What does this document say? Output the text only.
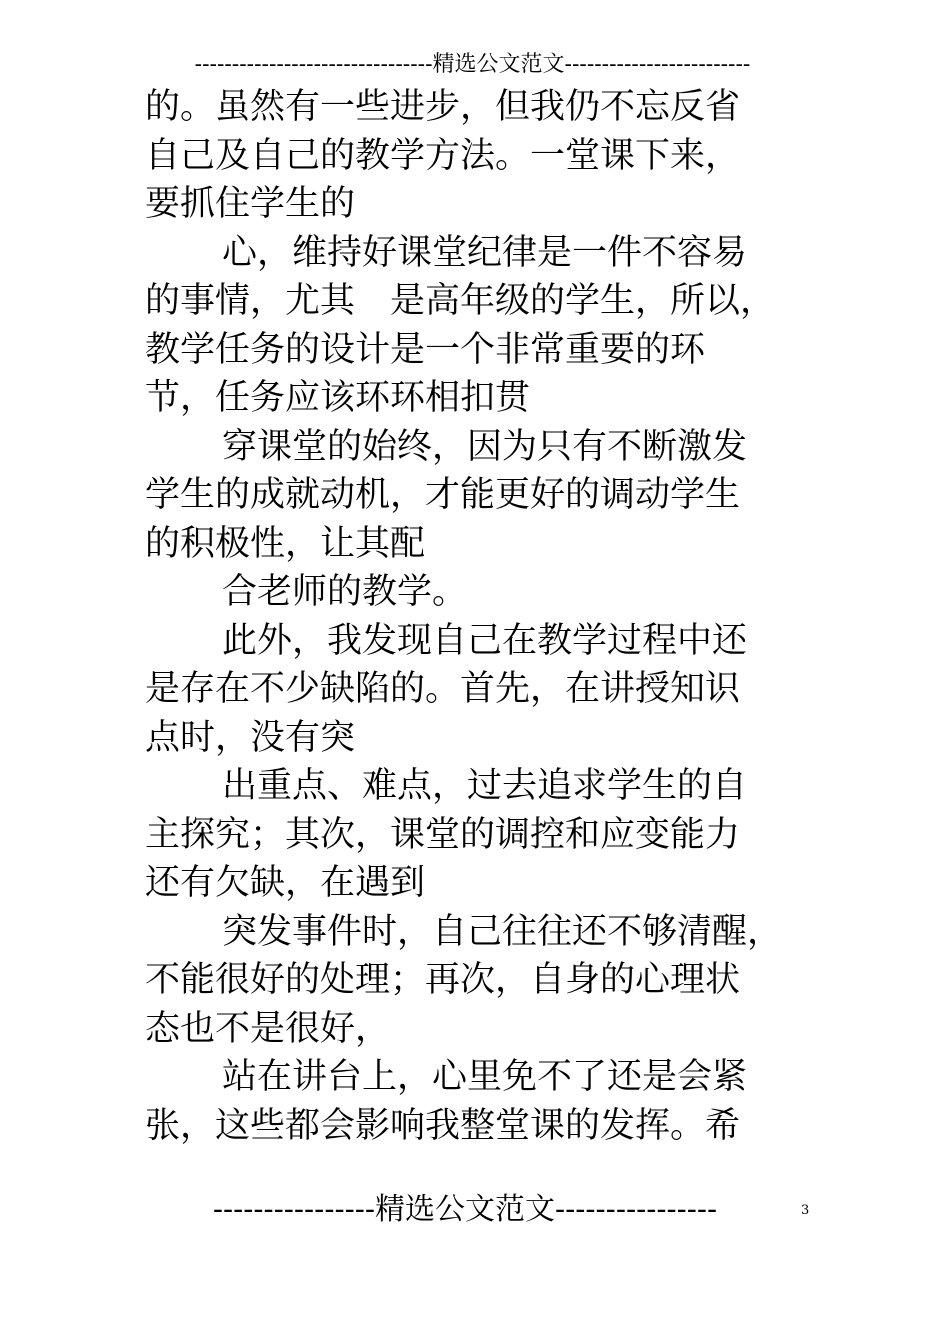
--------------------------------精选公文范文-------------------------
的。虽然有一些进步，但我仍不忘反省
自己及自己的教学方法。一堂课下来，
要抓住学生的
心，维持好课堂纪律是一件不容易
的事情，尤其　是高年级的学生，所以，
教学任务的设计是一个非常重要的环
节，任务应该环环相扣贯
穿课堂的始终，因为只有不断激发
学生的成就动机，才能更好的调动学生
的积极性，让其配
合老师的教学。
此外，我发现自己在教学过程中还
是存在不少缺陷的。首先，在讲授知识
点时，没有突
出重点、难点，过去追求学生的自
主探究；其次，课堂的调控和应变能力
还有欠缺，在遇到
突发事件时，自己往往还不够清醒，
不能很好的处理；再次，自身的心理状
态也不是很好，
站在讲台上，心里免不了还是会紧
张，这些都会影响我整堂课的发挥。希
----------------精选公文范文----------------	3
